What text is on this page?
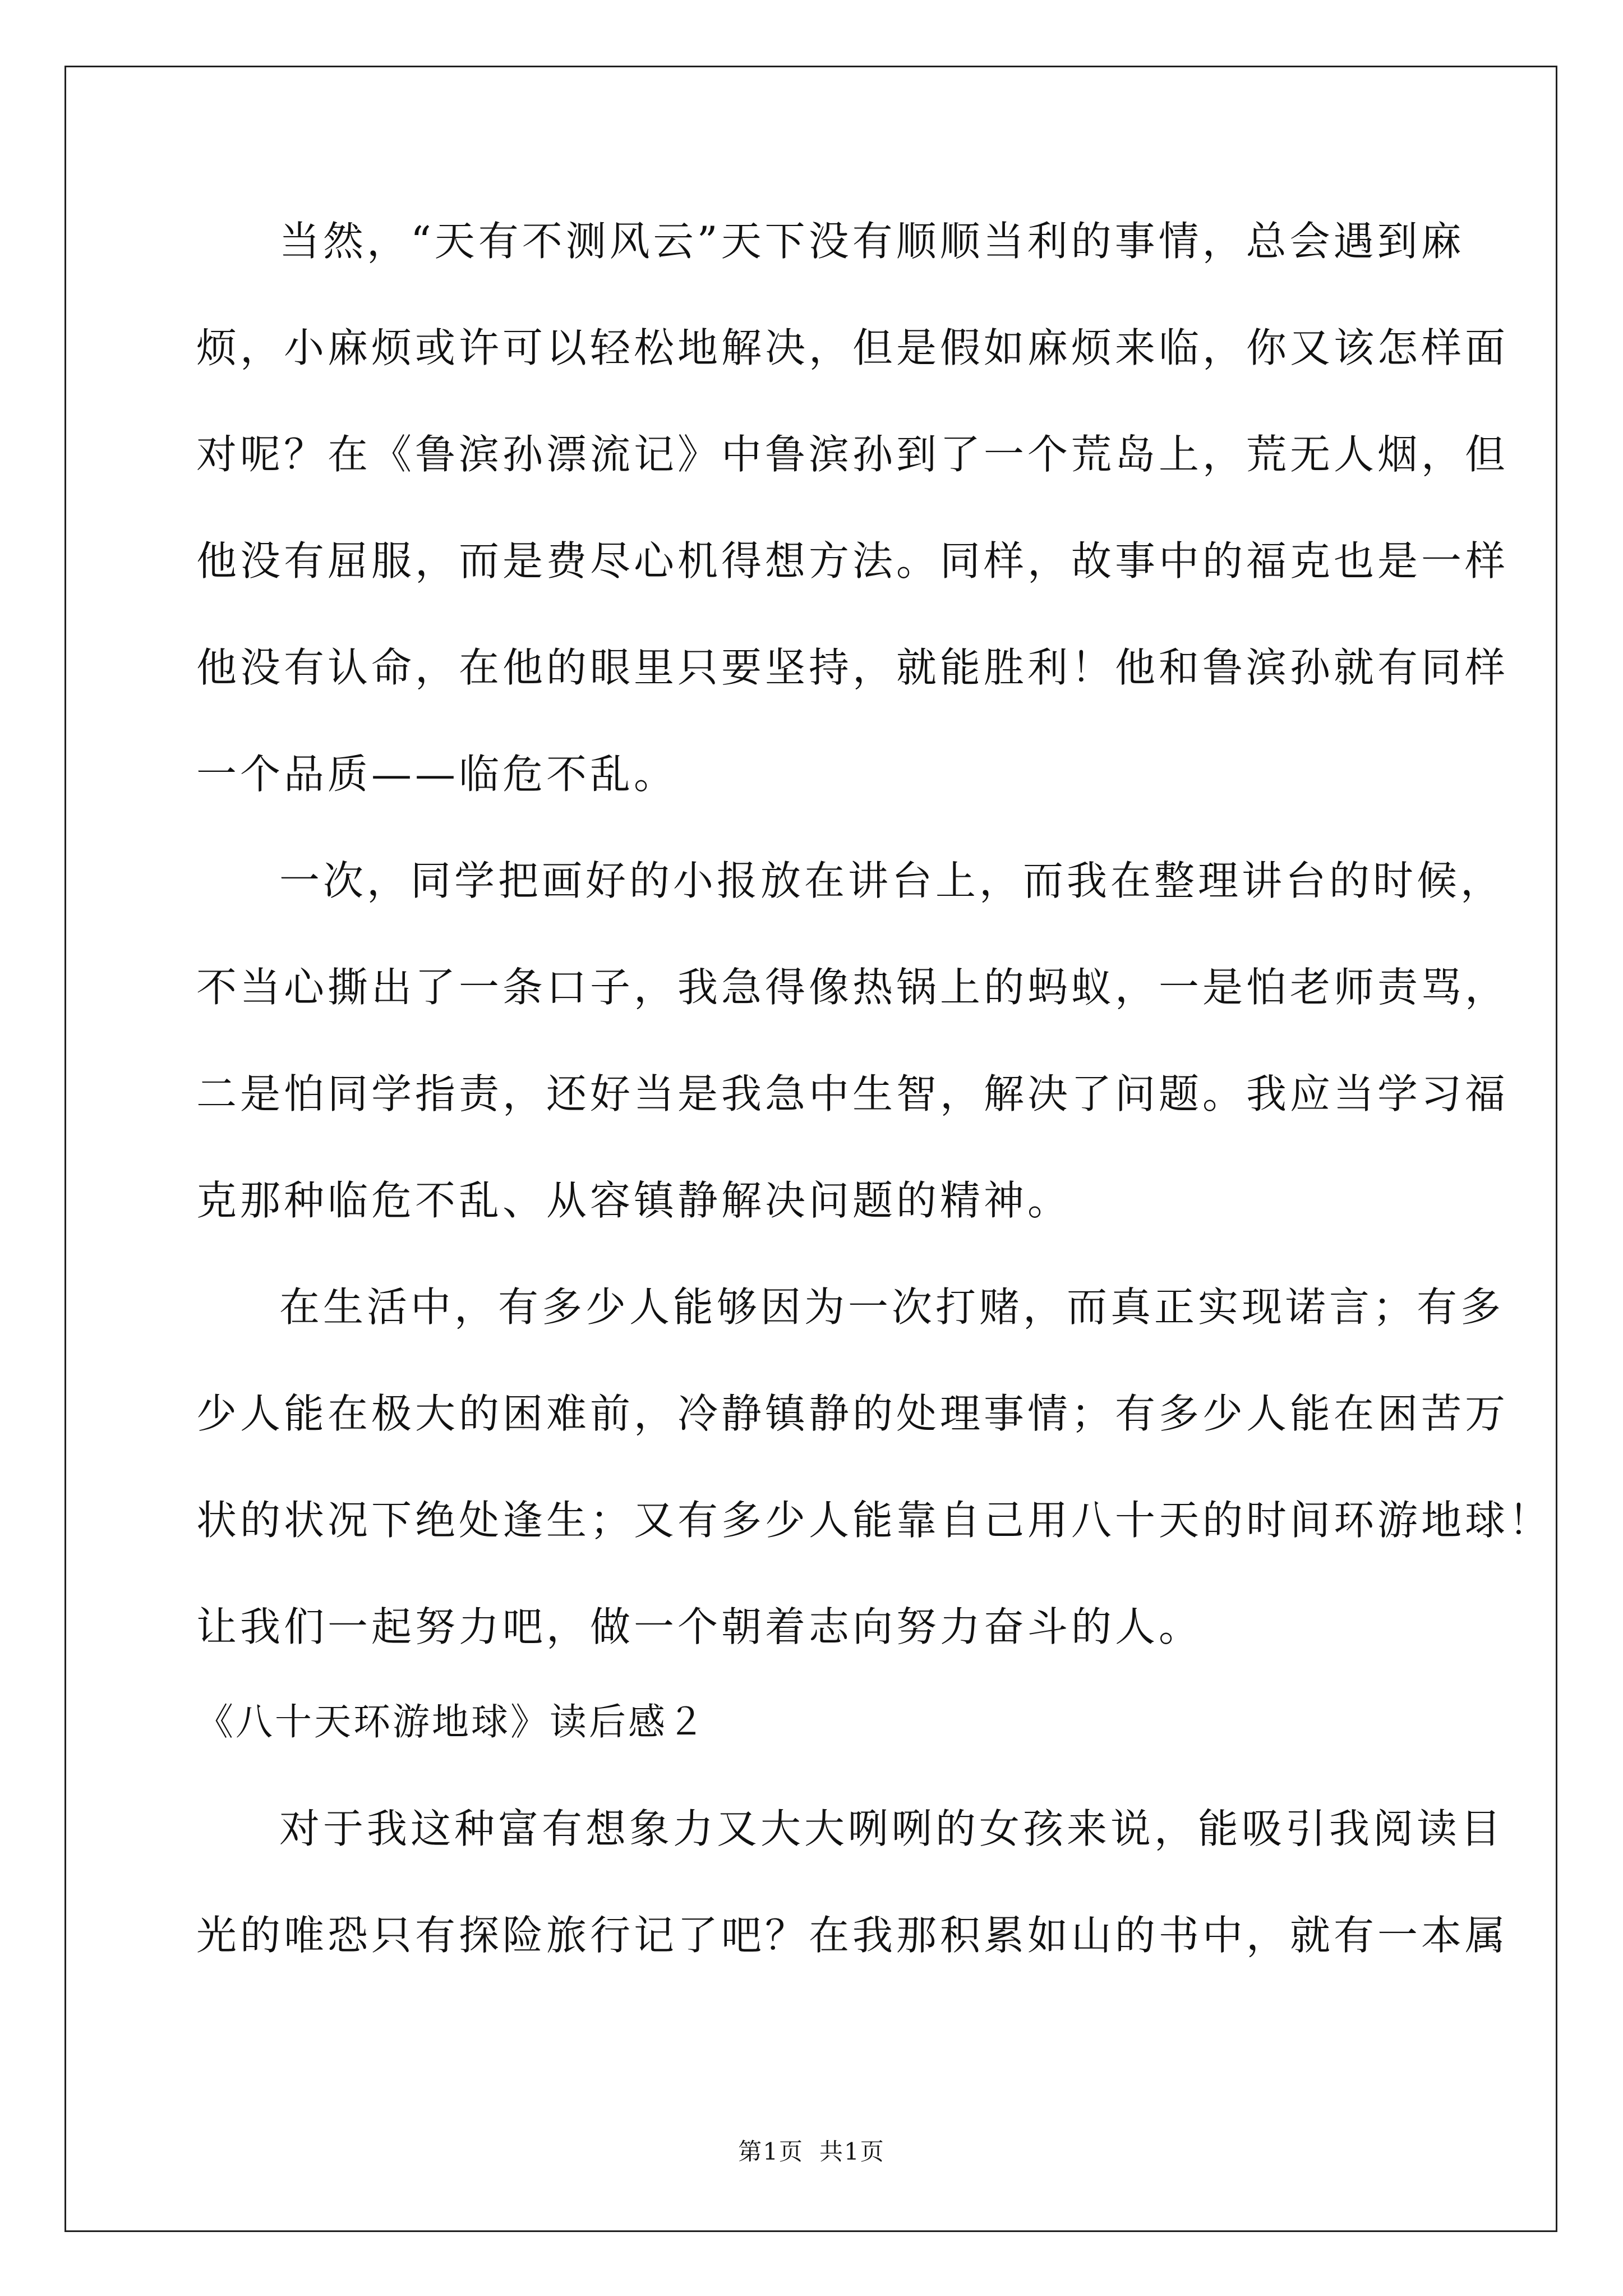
当然，“天有不测风云”天下没有顺顺当利的事情，总会遇到麻
烦，小麻烦或许可以轻松地解决，但是假如麻烦来临，你又该怎样面
对呢？在《鲁滨孙漂流记》中鲁滨孙到了一个荒岛上，荒无人烟，但
他没有屈服，而是费尽心机得想方法。同样，故事中的福克也是一样
他没有认命，在他的眼里只要坚持，就能胜利！他和鲁滨孙就有同样
一个品质——临危不乱。
一次，同学把画好的小报放在讲台上，而我在整理讲台的时候，
不当心撕出了一条口子，我急得像热锅上的蚂蚁，一是怕老师责骂，
二是怕同学指责，还好当是我急中生智，解决了问题。我应当学习福
克那种临危不乱、从容镇静解决问题的精神。
在生活中，有多少人能够因为一次打赌，而真正实现诺言；有多
少人能在极大的困难前，冷静镇静的处理事情；有多少人能在困苦万
状的状况下绝处逢生；又有多少人能靠自己用八十天的时间环游地球！
让我们一起努力吧，做一个朝着志向努力奋斗的人。
《八十天环游地球》读后感２
对于我这种富有想象力又大大咧咧的女孩来说，能吸引我阅读目
光的唯恐只有探险旅行记了吧？在我那积累如山的书中，就有一本属
第1页 共1页
